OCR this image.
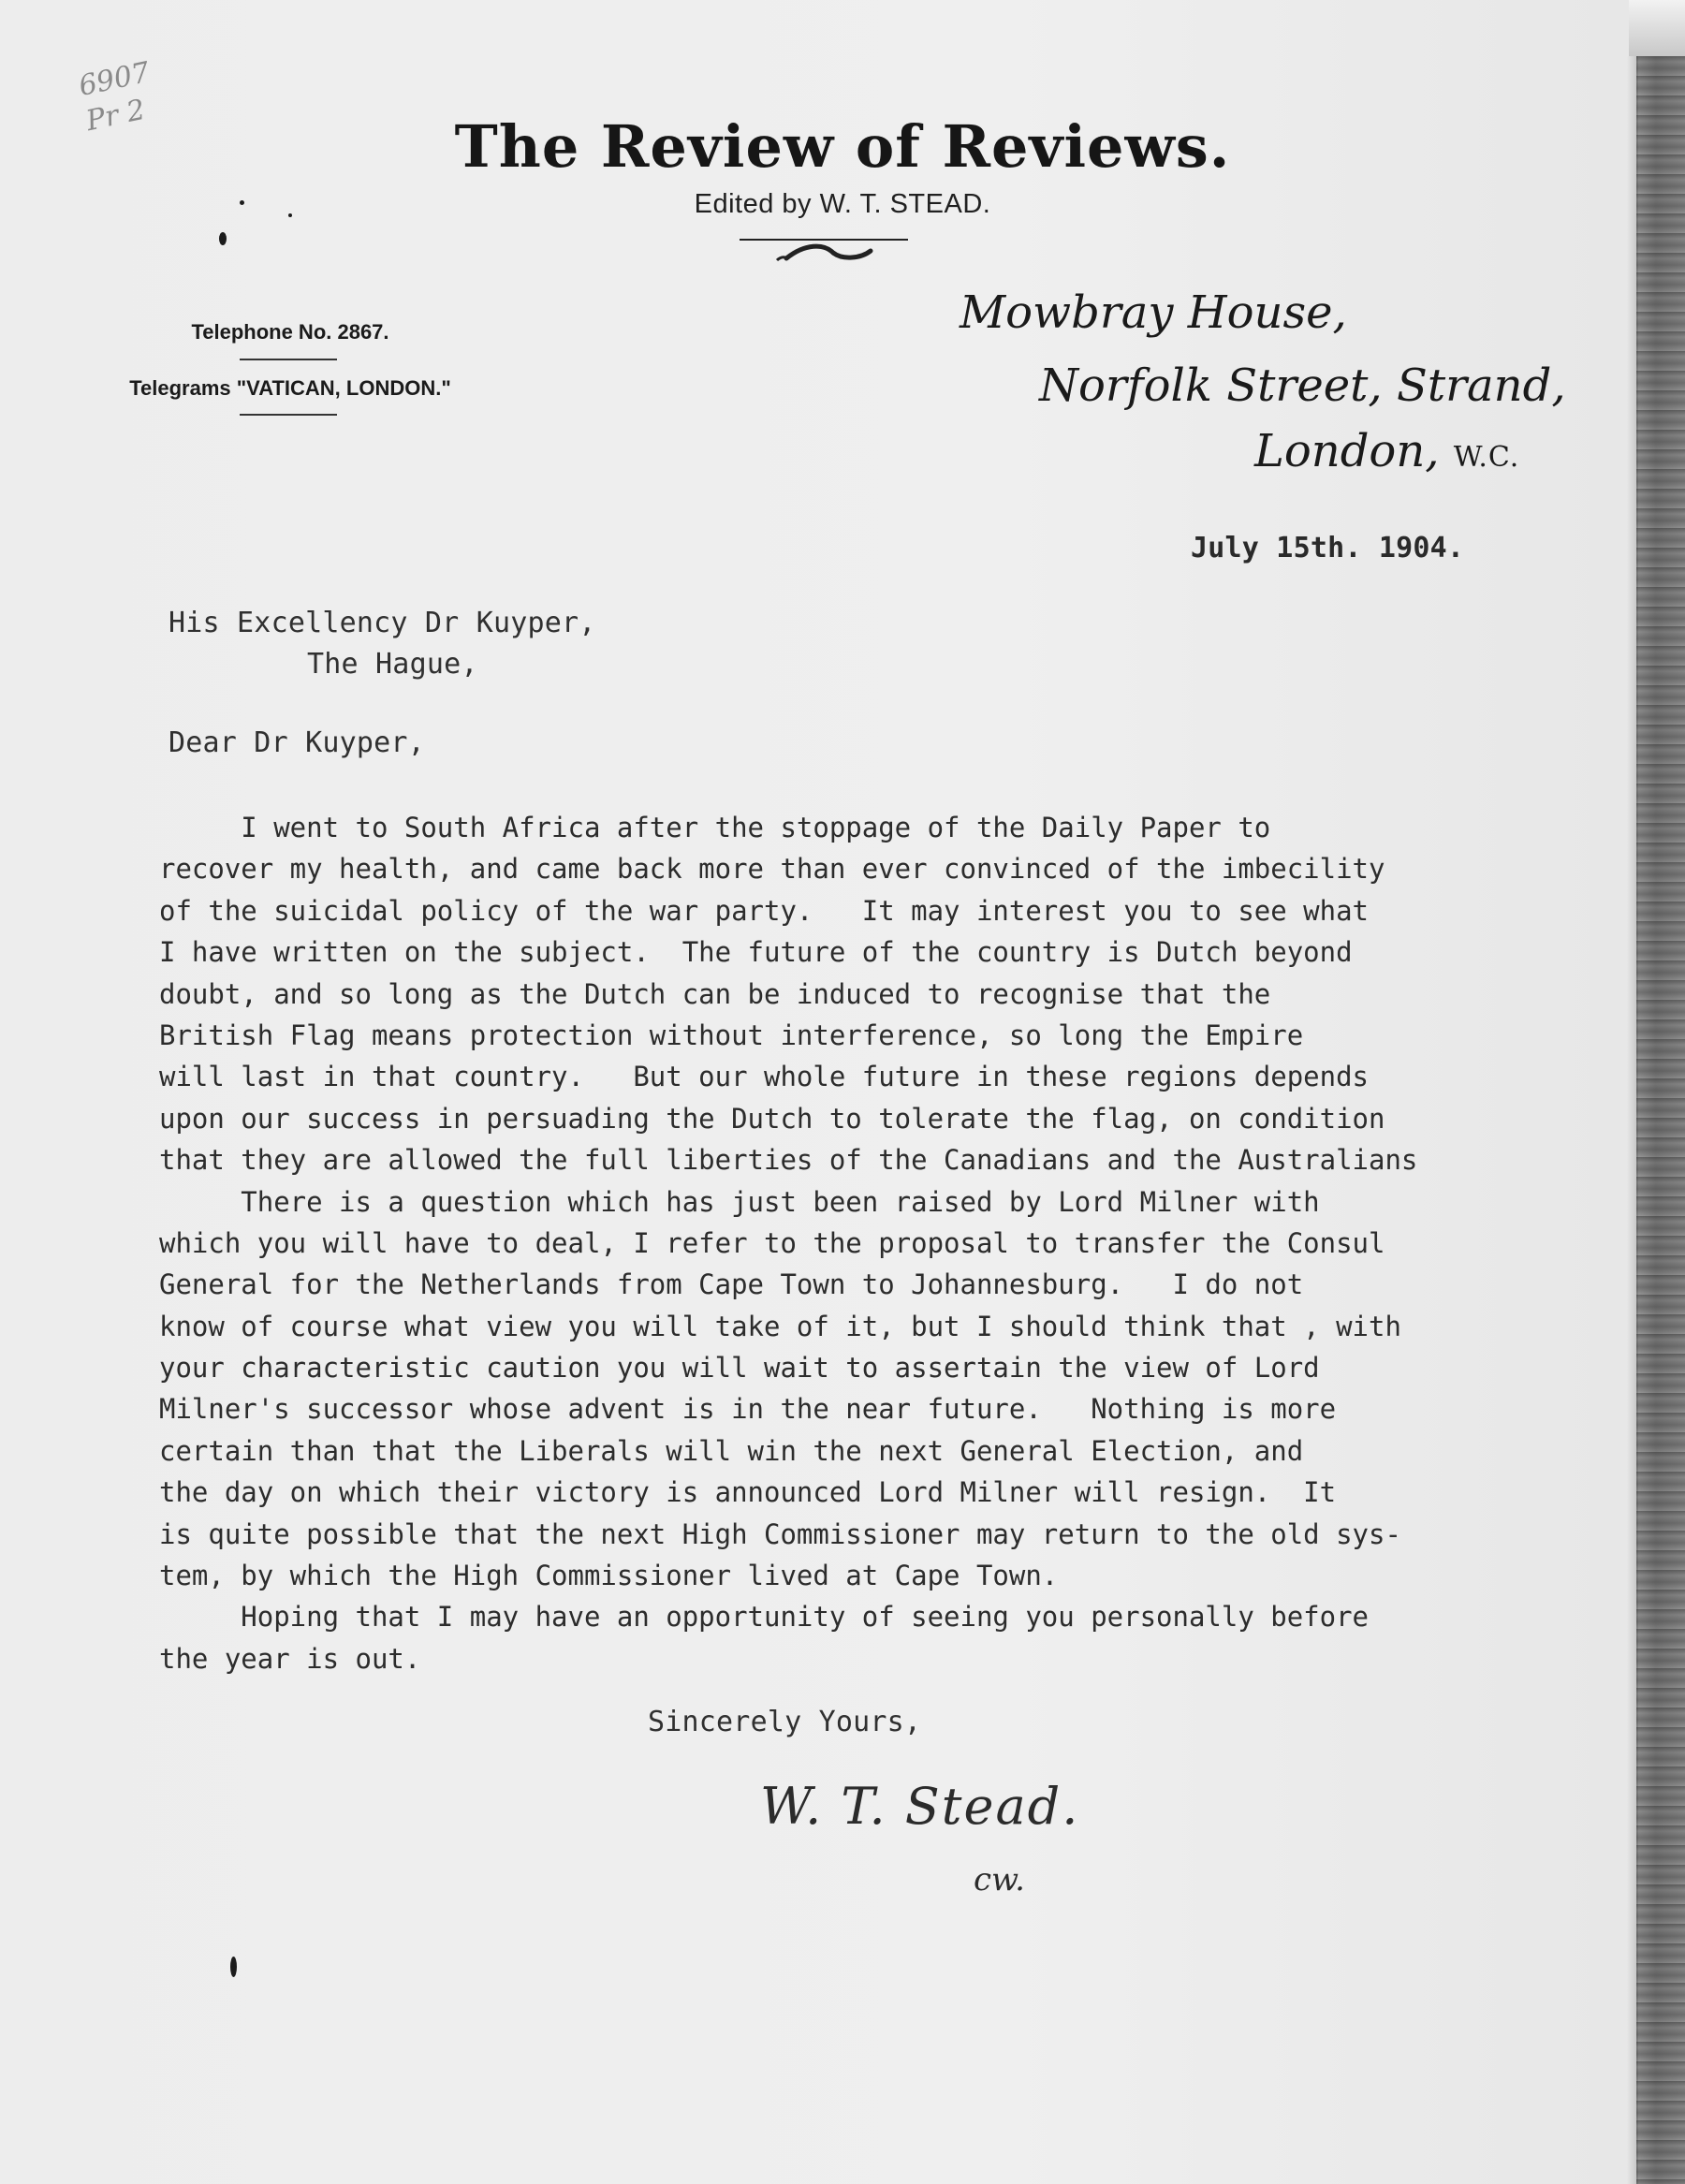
6907
Pr 2	The Review of Reviews.
Edited by W. T. STEAD.
Telephone No. 2867.
Telegrams "VATICAN, LONDON."
Mowbray House,
Norfolk Street, Strand,
London, W.C.
July 15th. 1904.
His Excellency Dr Kuyper,
The Hague,
Dear Dr Kuyper,
I went to South Africa after the stoppage of the Daily Paper to
recover my health, and came back more than ever convinced of the imbecility
of the suicidal policy of the war party.   It may interest you to see what
I have written on the subject.  The future of the country is Dutch beyond
doubt, and so long as the Dutch can be induced to recognise that the
British Flag means protection without interference, so long the Empire
will last in that country.   But our whole future in these regions depends
upon our success in persuading the Dutch to tolerate the flag, on condition
that they are allowed the full liberties of the Canadians and the Australians
There is a question which has just been raised by Lord Milner with
which you will have to deal, I refer to the proposal to transfer the Consul
General for the Netherlands from Cape Town to Johannesburg.   I do not
know of course what view you will take of it, but I should think that , with
your characteristic caution you will wait to assertain the view of Lord
Milner's successor whose advent is in the near future.   Nothing is more
certain than that the Liberals will win the next General Election, and
the day on which their victory is announced Lord Milner will resign.  It
is quite possible that the next High Commissioner may return to the old sys-
tem, by which the High Commissioner lived at Cape Town.
Hoping that I may have an opportunity of seeing you personally before
the year is out.
Sincerely Yours,
W. T. Stead.
cw.
